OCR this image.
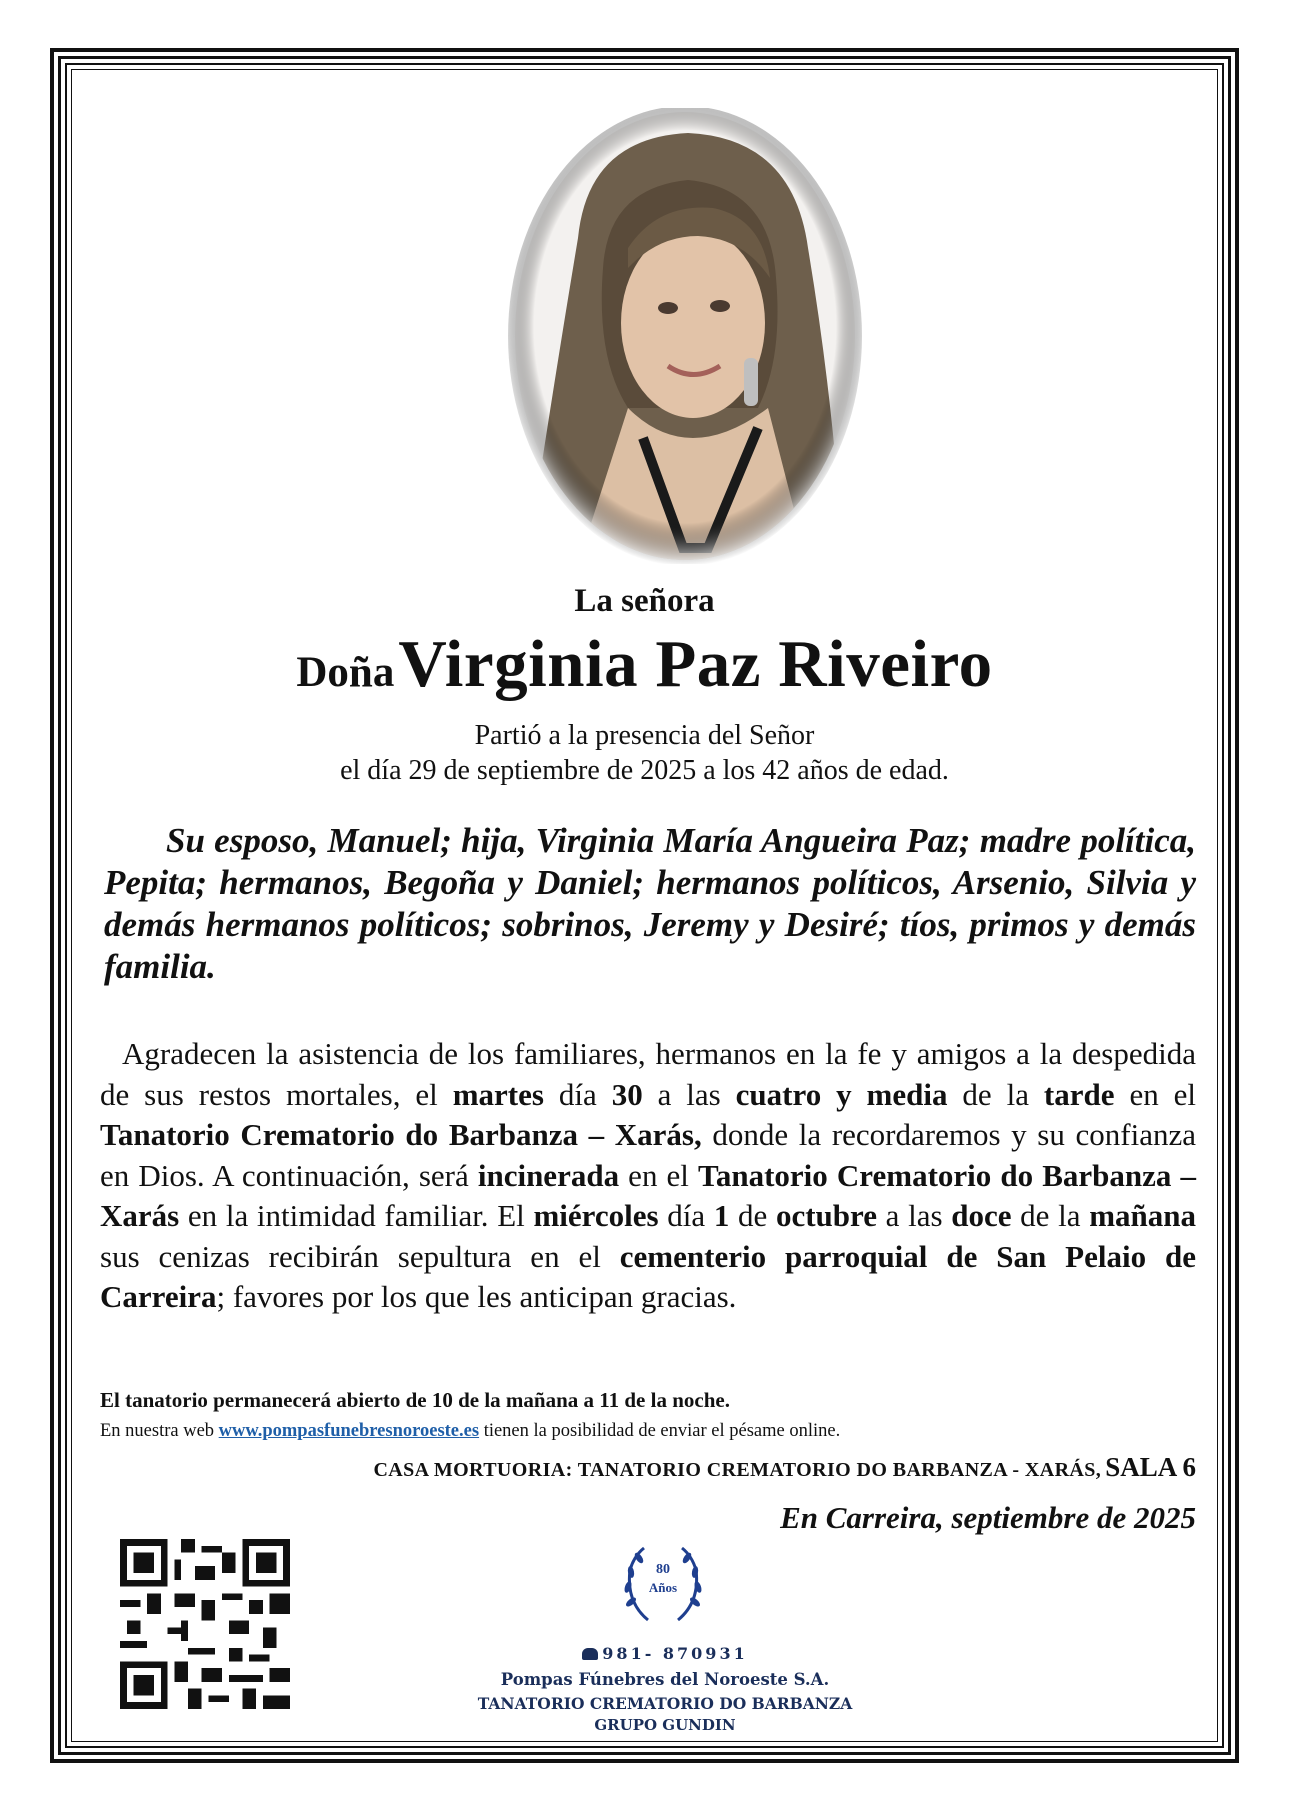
La señora
Doña Virginia Paz Riveiro
Partió a la presencia del Señor
el día 29 de septiembre de 2025 a los 42 años de edad.
Su esposo, Manuel; hija, Virginia María Angueira Paz; madre política, Pepita; hermanos, Begoña y Daniel; hermanos políticos, Arsenio, Silvia y demás hermanos políticos; sobrinos, Jeremy y Desiré; tíos, primos y demás familia.
Agradecen la asistencia de los familiares, hermanos en la fe y amigos a la despedida de sus restos mortales, el martes día 30 a las cuatro y media de la tarde en el Tanatorio Crematorio do Barbanza – Xarás, donde la recordaremos y su confianza en Dios. A continuación, será incinerada en el Tanatorio Crematorio do Barbanza – Xarás en la intimidad familiar. El miércoles día 1 de octubre a las doce de la mañana sus cenizas recibirán sepultura en el cementerio parroquial de San Pelaio de Carreira; favores por los que les anticipan gracias.
El tanatorio permanecerá abierto de 10 de la mañana a 11 de la noche.
En nuestra web www.pompasfunebresnoroeste.es tienen la posibilidad de enviar el pésame online.
CASA MORTUORIA: TANATORIO CREMATORIO DO BARBANZA - XARÁS, SALA 6
En Carreira, septiembre de 2025
80
Años
981- 870931
Pompas Fúnebres del Noroeste S.A.
TANATORIO CREMATORIO DO BARBANZA
GRUPO GUNDIN
